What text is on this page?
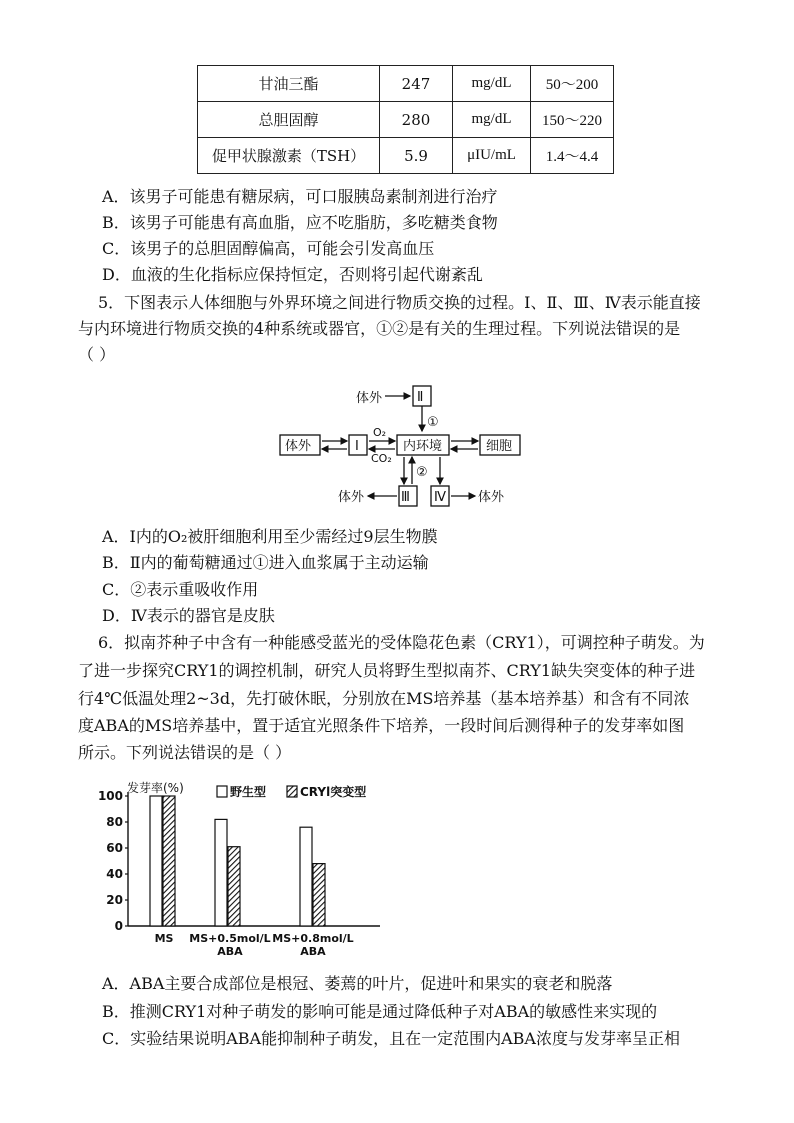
甘油三酯	247	mg/dL	50～200
总胆固醇	280	mg/dL	150～220
促甲状腺激素（TSH）	5.9	μIU/mL	1.4～4.4
A．该男子可能患有糖尿病，可口服胰岛素制剂进行治疗
B．该男子可能患有高血脂，应不吃脂肪，多吃糖类食物
C．该男子的总胆固醇偏高，可能会引发高血压
D．血液的生化指标应保持恒定，否则将引起代谢紊乱
5．下图表示人体细胞与外界环境之间进行物质交换的过程。Ⅰ、Ⅱ、Ⅲ、Ⅳ表示能直接
与内环境进行物质交换的4种系统或器官，①②是有关的生理过程。下列说法错误的是
（ ）
体外	Ⅱ
①
体外	Ⅰ
O₂
CO₂
内环境	细胞
②
Ⅲ
体外	Ⅳ 体外
A．Ⅰ内的O₂被肝细胞利用至少需经过9层生物膜
B．Ⅱ内的葡萄糖通过①进入血浆属于主动运输
C．②表示重吸收作用
D．Ⅳ表示的器官是皮肤
6．拟南芥种子中含有一种能感受蓝光的受体隐花色素（CRY1），可调控种子萌发。为
了进一步探究CRY1的调控机制，研究人员将野生型拟南芥、CRY1缺失突变体的种子进
行4℃低温处理2~3d，先打破休眠，分别放在MS培养基（基本培养基）和含有不同浓
度ABA的MS培养基中，置于适宜光照条件下培养，一段时间后测得种子的发芽率如图
所示。下列说法错误的是（ ）
发芽率(%)
0
20
40
60
80
100
MS MS+0.5mol/L
ABA
MS+0.8mol/L
ABA
野生型	CRYl突变型
A．ABA主要合成部位是根冠、萎蔫的叶片，促进叶和果实的衰老和脱落
B．推测CRY1对种子萌发的影响可能是通过降低种子对ABA的敏感性来实现的
C．实验结果说明ABA能抑制种子萌发，且在一定范围内ABA浓度与发芽率呈正相
